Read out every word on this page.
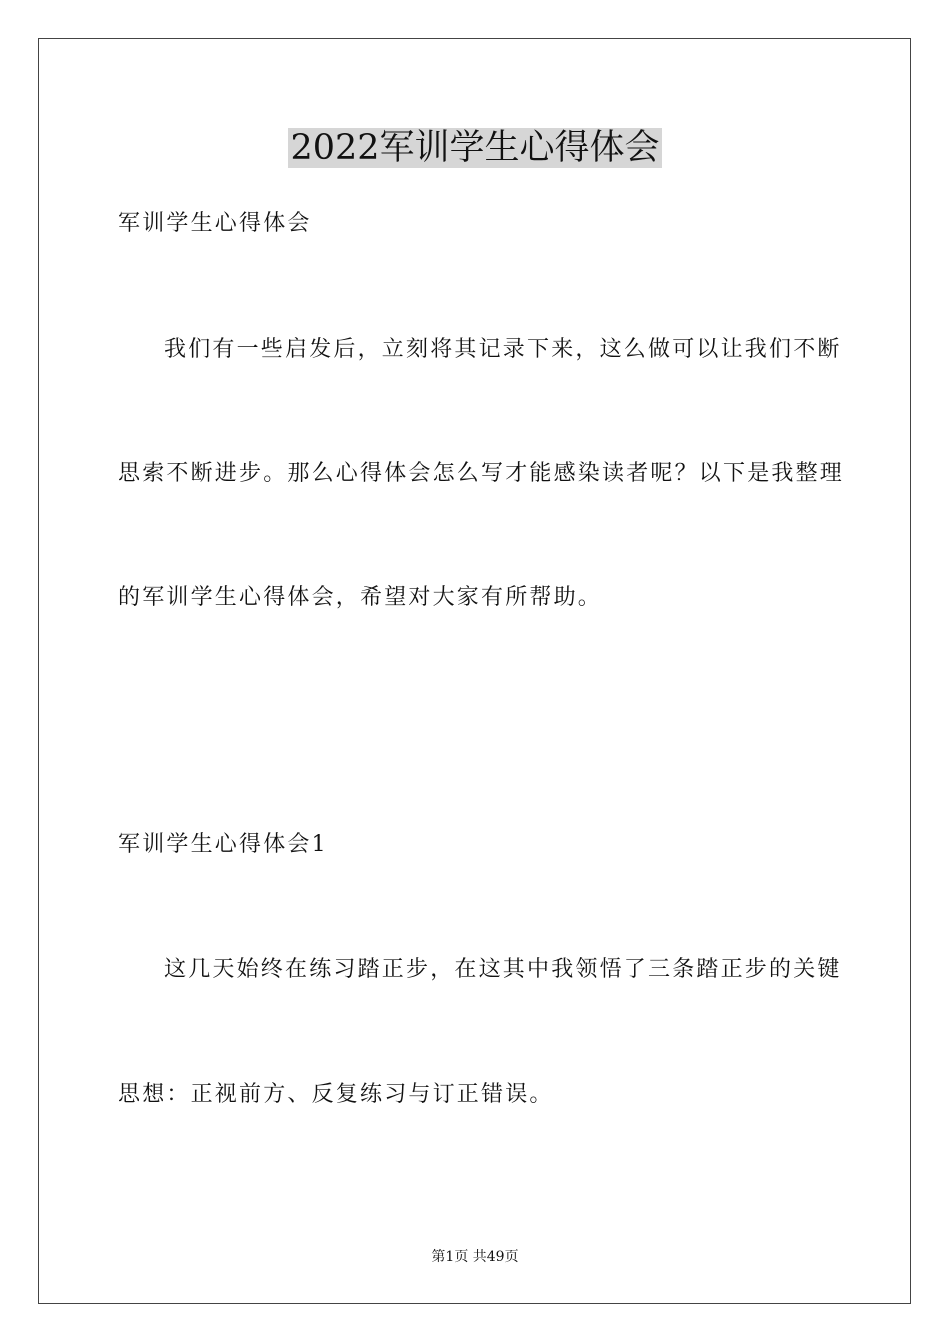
2022军训学生心得体会
军训学生心得体会
我们有一些启发后，立刻将其记录下来，这么做可以让我们不断
思索不断进步。那么心得体会怎么写才能感染读者呢？以下是我整理
的军训学生心得体会，希望对大家有所帮助。
军训学生心得体会1
这几天始终在练习踏正步，在这其中我领悟了三条踏正步的关键
思想：正视前方、反复练习与订正错误。
第1页 共49页
